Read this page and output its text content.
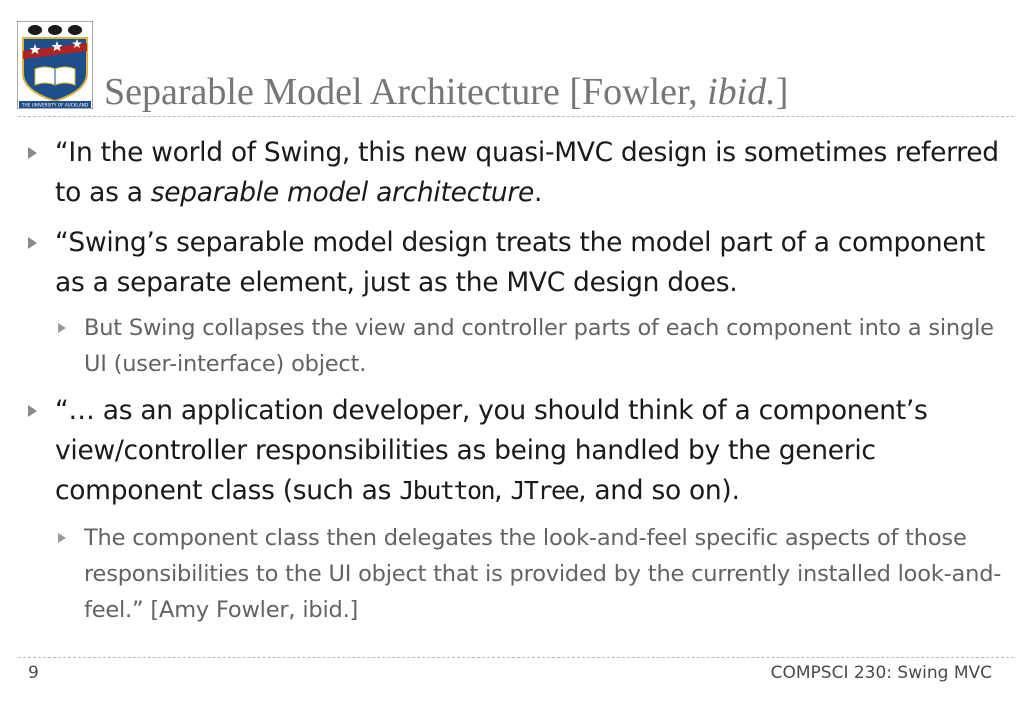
THE UNIVERSITY OF AUCKLAND Separable Model Architecture [Fowler, ibid.]

“In the world of Swing, this new quasi-MVC design is sometimes referred to as a separable model architecture.

“Swing’s separable model design treats the model part of a component as a separate element, just as the MVC design does.

But Swing collapses the view and controller parts of each component into a single UI (user-interface) object.

“… as an application developer, you should think of a component’s view/controller responsibilities as being handled by the generic component class (such as Jbutton, JTree, and so on).

The component class then delegates the look-and-feel specific aspects of those responsibilities to the UI object that is provided by the currently installed look-and-feel.” [Amy Fowler, ibid.]

9	COMPSCI 230: Swing MVC
